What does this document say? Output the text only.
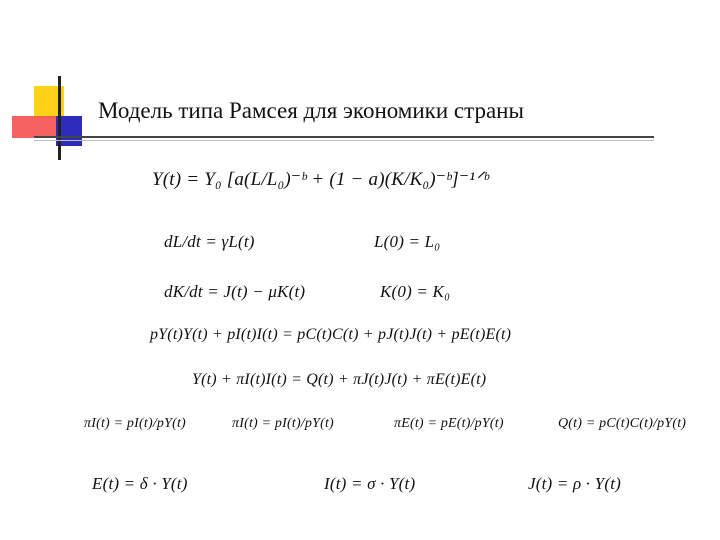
Модель типа Рамсея для экономики страны
Y(t) = Y₀ [a(L/L₀)⁻ᵇ + (1 − a)(K/K₀)⁻ᵇ]⁻¹ᐟᵇ
dL/dt = γL(t)	L(0) = L₀
dK/dt = J(t) − μK(t)	K(0) = K₀
pY(t)Y(t) + pI(t)I(t) = pC(t)C(t) + pJ(t)J(t) + pE(t)E(t)
Y(t) + πI(t)I(t) = Q(t) + πJ(t)J(t) + πE(t)E(t)
πI(t) = pI(t)/pY(t)	πI(t) = pI(t)/pY(t)	πE(t) = pE(t)/pY(t)	Q(t) = pC(t)C(t)/pY(t)
E(t) = δ · Y(t)	I(t) = σ · Y(t)	J(t) = ρ · Y(t)
